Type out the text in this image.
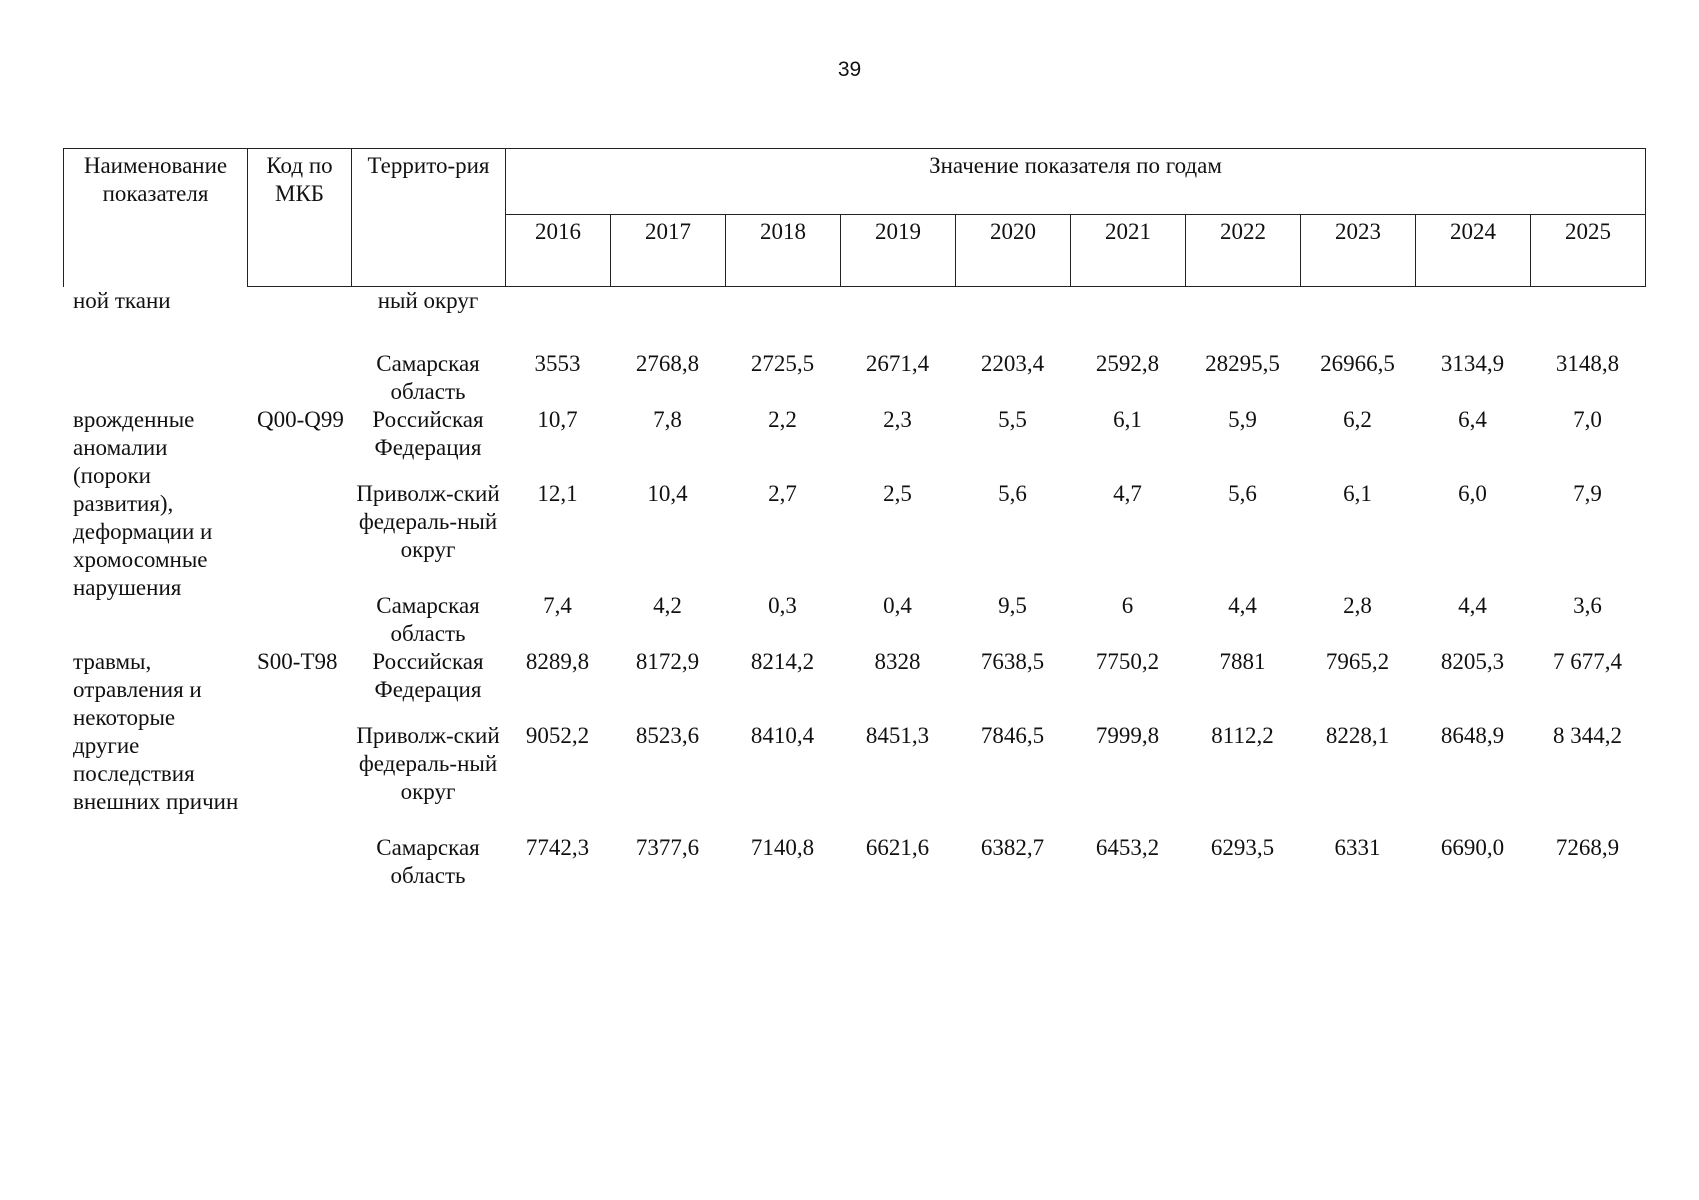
39
Наименование показателя	Код по МКБ	Террито-рия	Значение показателя по годам									
			2016	2017	2018	2019	2020	2021	2022	2023	2024	2025
ной ткани		ный округ										
		Самарская область	3553	2768,8	2725,5	2671,4	2203,4	2592,8	28295,5	26966,5	3134,9	3148,8
врожденные аномалии (пороки развития), деформации и хромосомные нарушения	Q00-Q99	Российская Федерация	10,7	7,8	2,2	2,3	5,5	6,1	5,9	6,2	6,4	7,0
		Приволж-ский федераль-ный округ	12,1	10,4	2,7	2,5	5,6	4,7	5,6	6,1	6,0	7,9
		Самарская область	7,4	4,2	0,3	0,4	9,5	6	4,4	2,8	4,4	3,6
травмы, отравления и некоторые другие последствия внешних причин	S00-T98	Российская Федерация	8289,8	8172,9	8214,2	8328	7638,5	7750,2	7881	7965,2	8205,3	7 677,4
		Приволж-ский федераль-ный округ	9052,2	8523,6	8410,4	8451,3	7846,5	7999,8	8112,2	8228,1	8648,9	8 344,2
		Самарская область	7742,3	7377,6	7140,8	6621,6	6382,7	6453,2	6293,5	6331	6690,0	7268,9
